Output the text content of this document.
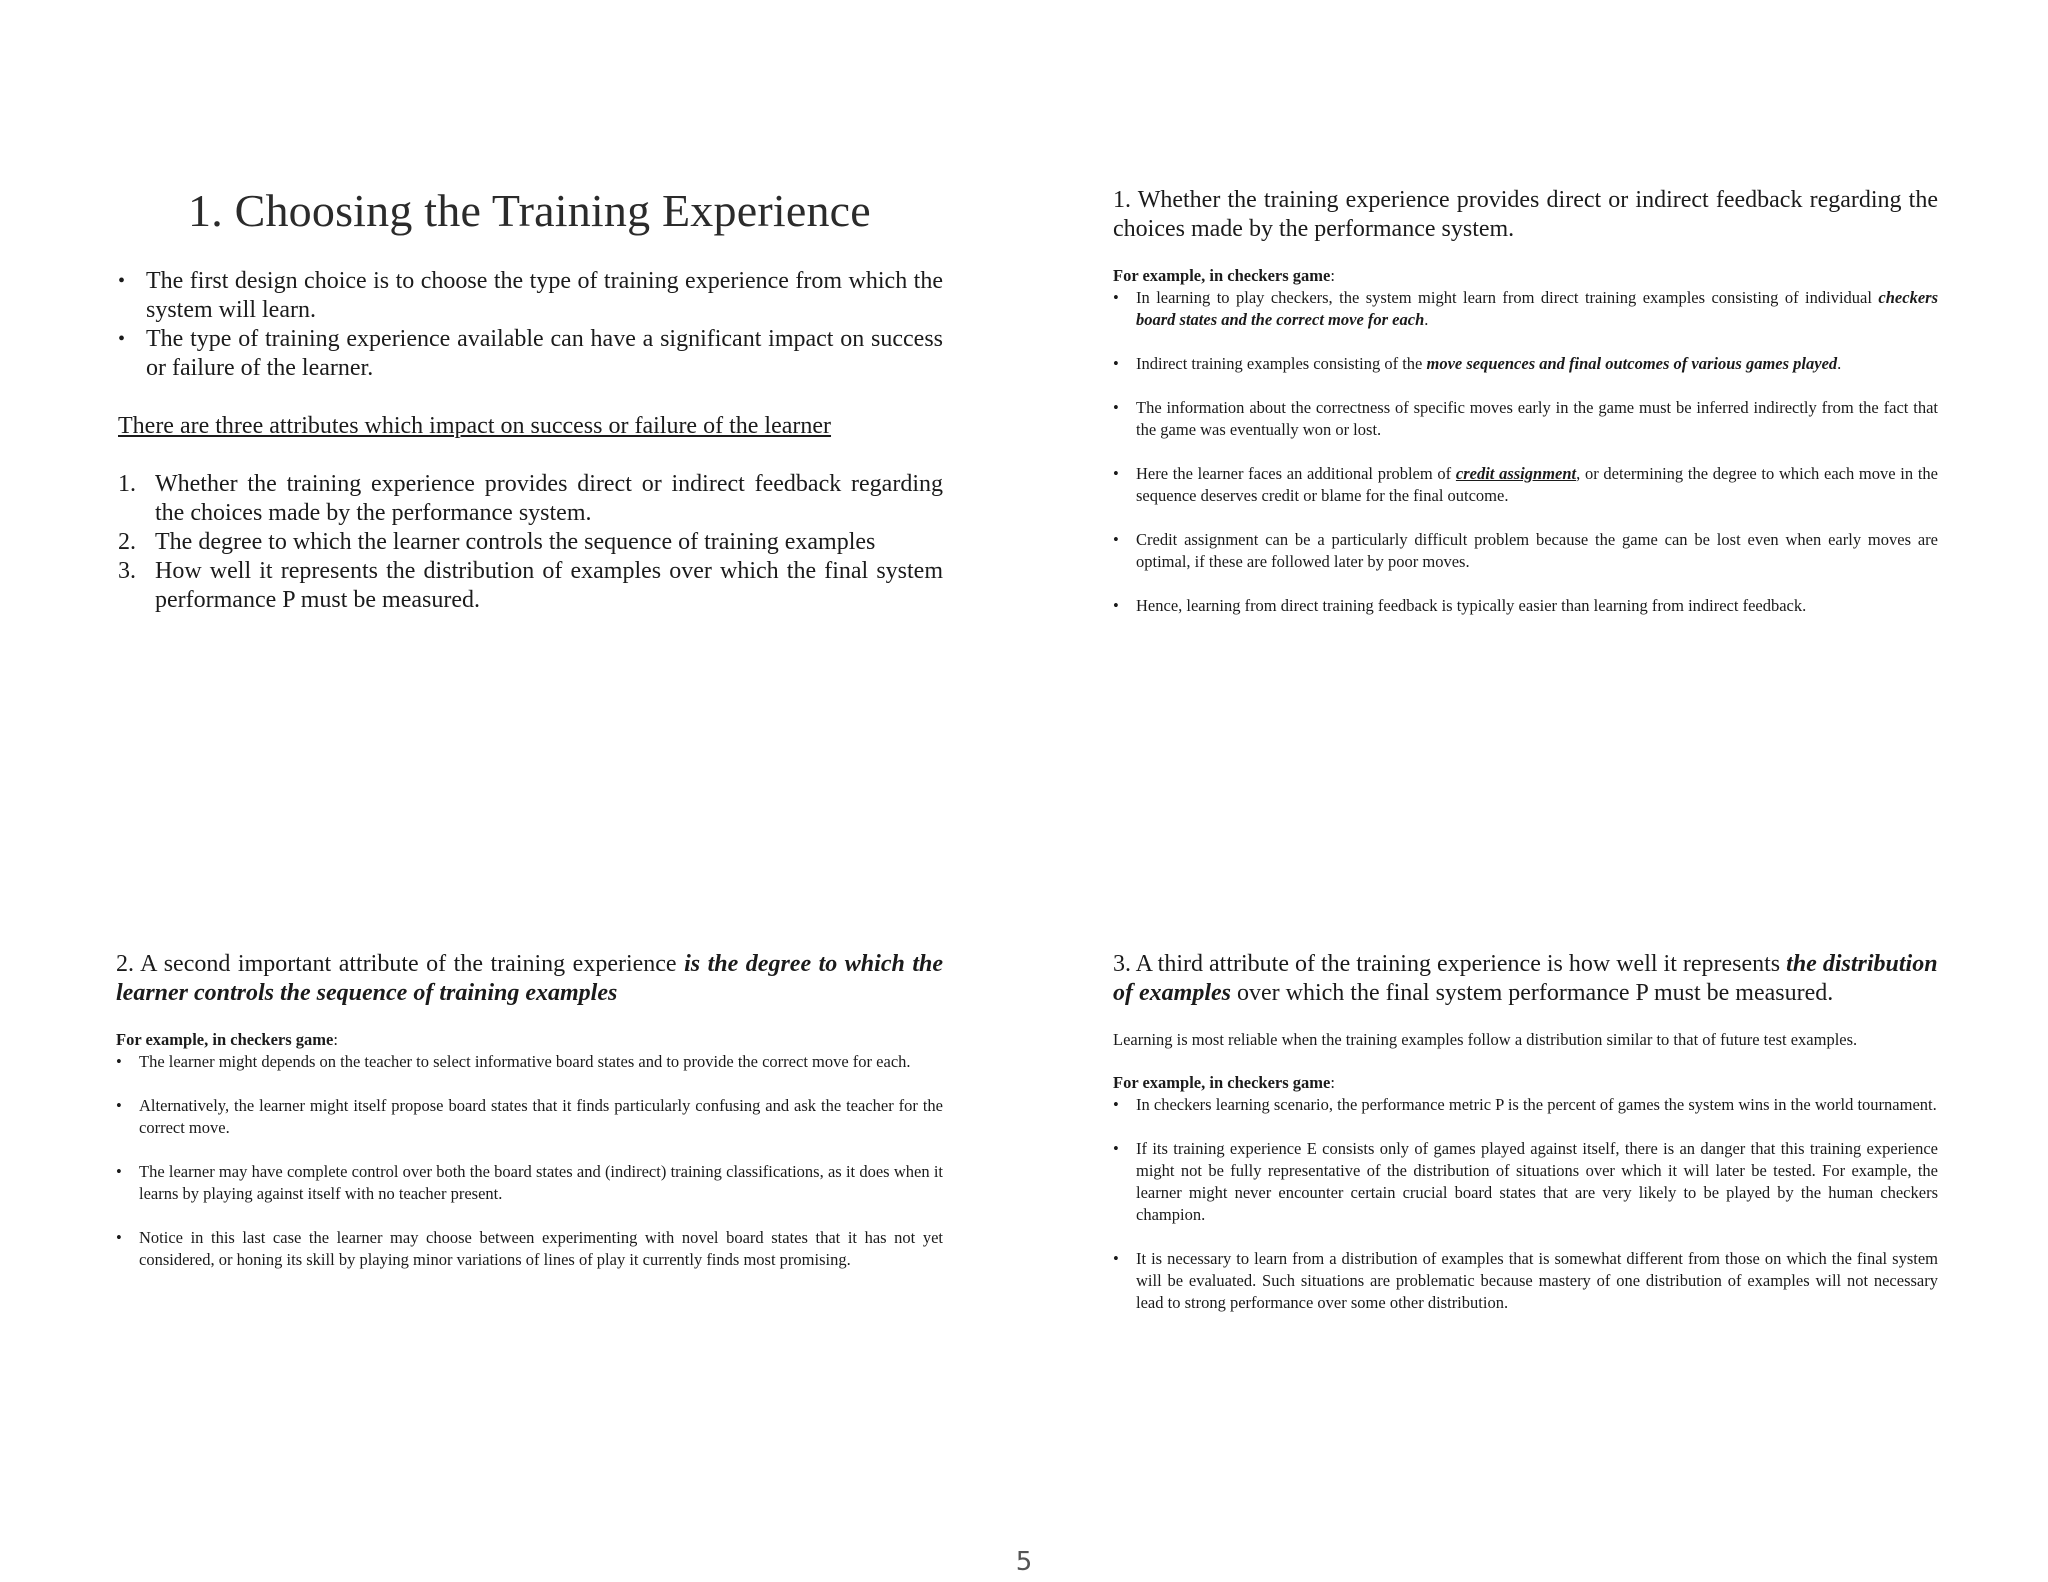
1. Choosing the Training Experience
• The first design choice is to choose the type of training experience from which the system will learn.
• The type of training experience available can have a significant impact on success or failure of the learner.

There are three attributes which impact on success or failure of the learner

1. Whether the training experience provides direct or indirect feedback regarding the choices made by the performance system.
2. The degree to which the learner controls the sequence of training examples
3. How well it represents the distribution of examples over which the final system performance P must be measured.

1. Whether the training experience provides direct or indirect feedback regarding the choices made by the performance system.

For example, in checkers game:

• In learning to play checkers, the system might learn from direct training examples consisting of individual checkers board states and the correct move for each.
• Indirect training examples consisting of the move sequences and final outcomes of various games played.
• The information about the correctness of specific moves early in the game must be inferred indirectly from the fact that the game was eventually won or lost.
• Here the learner faces an additional problem of credit assignment, or determining the degree to which each move in the sequence deserves credit or blame for the final outcome.
• Credit assignment can be a particularly difficult problem because the game can be lost even when early moves are optimal, if these are followed later by poor moves.
• Hence, learning from direct training feedback is typically easier than learning from indirect feedback.

2. A second important attribute of the training experience is the degree to which the learner controls the sequence of training examples

For example, in checkers game:

• The learner might depends on the teacher to select informative board states and to provide the correct move for each.
• Alternatively, the learner might itself propose board states that it finds particularly confusing and ask the teacher for the correct move.
• The learner may have complete control over both the board states and (indirect) training classifications, as it does when it learns by playing against itself with no teacher present.
• Notice in this last case the learner may choose between experimenting with novel board states that it has not yet considered, or honing its skill by playing minor variations of lines of play it currently finds most promising.

3. A third attribute of the training experience is how well it represents the distribution of examples over which the final system performance P must be measured.

Learning is most reliable when the training examples follow a distribution similar to that of future test examples.

For example, in checkers game:

• In checkers learning scenario, the performance metric P is the percent of games the system wins in the world tournament.
• If its training experience E consists only of games played against itself, there is an danger that this training experience might not be fully representative of the distribution of situations over which it will later be tested. For example, the learner might never encounter certain crucial board states that are very likely to be played by the human checkers champion.
• It is necessary to learn from a distribution of examples that is somewhat different from those on which the final system will be evaluated. Such situations are problematic because mastery of one distribution of examples will not necessary lead to strong performance over some other distribution.
5
